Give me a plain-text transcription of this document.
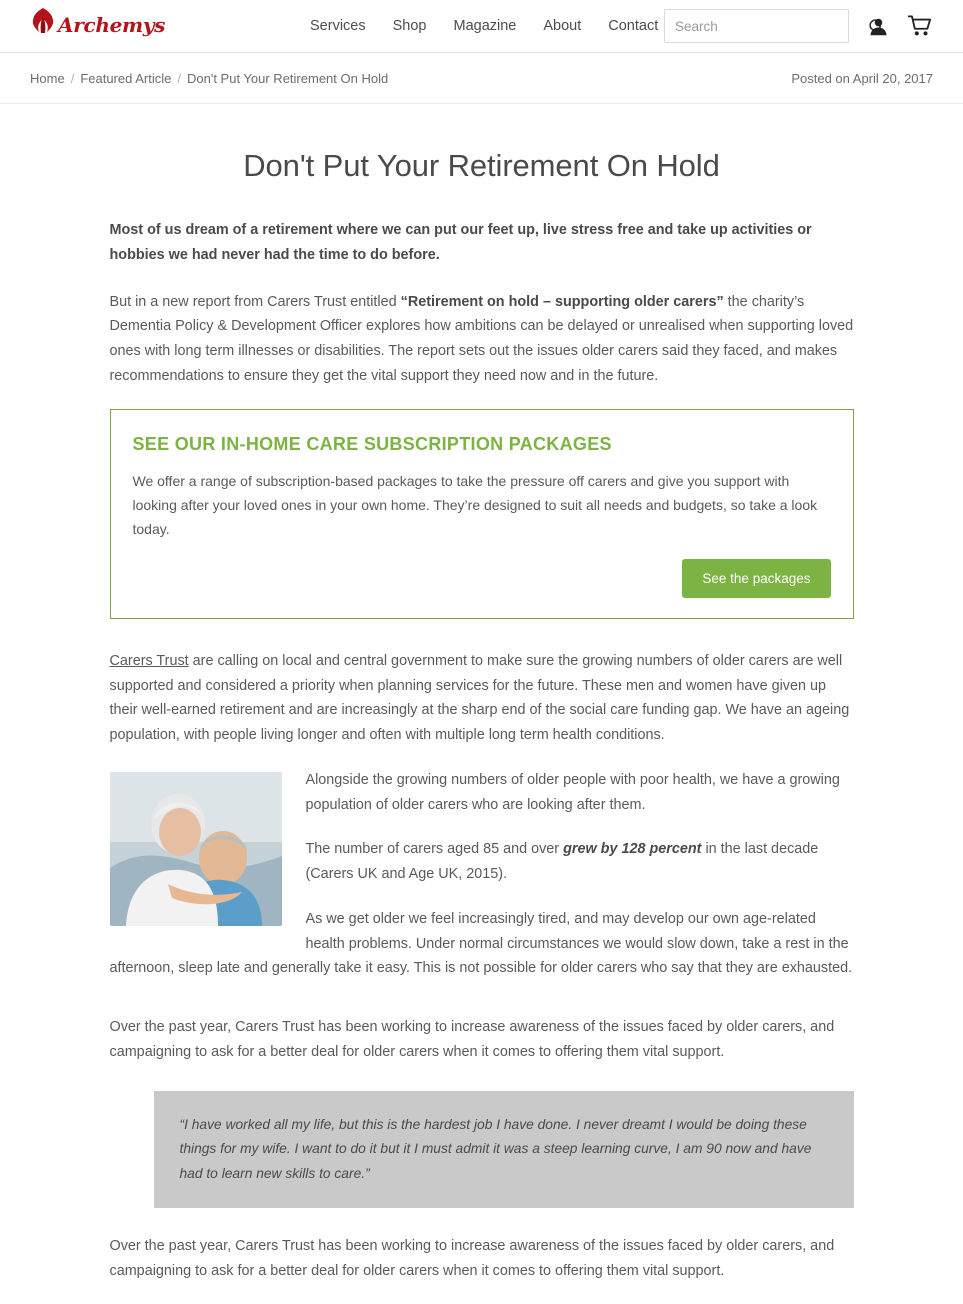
Archemys	Services Shop Magazine About Contact
Search
Home / Featured Article / Don't Put Your Retirement On Hold	Posted on April 20, 2017
Don't Put Your Retirement On Hold

Most of us dream of a retirement where we can put our feet up, live stress free and take up activities or hobbies we had never had the time to do before.

But in a new report from Carers Trust entitled “Retirement on hold – supporting older carers” the charity’s Dementia Policy & Development Officer explores how ambitions can be delayed or unrealised when supporting loved ones with long term illnesses or disabilities. The report sets out the issues older carers said they faced, and makes recommendations to ensure they get the vital support they need now and in the future.

SEE OUR IN-HOME CARE SUBSCRIPTION PACKAGES

We offer a range of subscription-based packages to take the pressure off carers and give you support with looking after your loved ones in your own home. They’re designed to suit all needs and budgets, so take a look today.

See the packages

Carers Trust are calling on local and central government to make sure the growing numbers of older carers are well supported and considered a priority when planning services for the future. These men and women have given up their well-earned retirement and are increasingly at the sharp end of the social care funding gap. We have an ageing population, with people living longer and often with multiple long term health conditions.

Alongside the growing numbers of older people with poor health, we have a growing population of older carers who are looking after them.

The number of carers aged 85 and over grew by 128 percent in the last decade (Carers UK and Age UK, 2015).

As we get older we feel increasingly tired, and may develop our own age-related health problems. Under normal circumstances we would slow down, take a rest in the afternoon, sleep late and generally take it easy. This is not possible for older carers who say that they are exhausted.

Over the past year, Carers Trust has been working to increase awareness of the issues faced by older carers, and campaigning to ask for a better deal for older carers when it comes to offering them vital support.

“I have worked all my life, but this is the hardest job I have done. I never dreamt I would be doing these things for my wife. I want to do it but it I must admit it was a steep learning curve, I am 90 now and have had to learn new skills to care.”

Over the past year, Carers Trust has been working to increase awareness of the issues faced by older carers, and campaigning to ask for a better deal for older carers when it comes to offering them vital support.
